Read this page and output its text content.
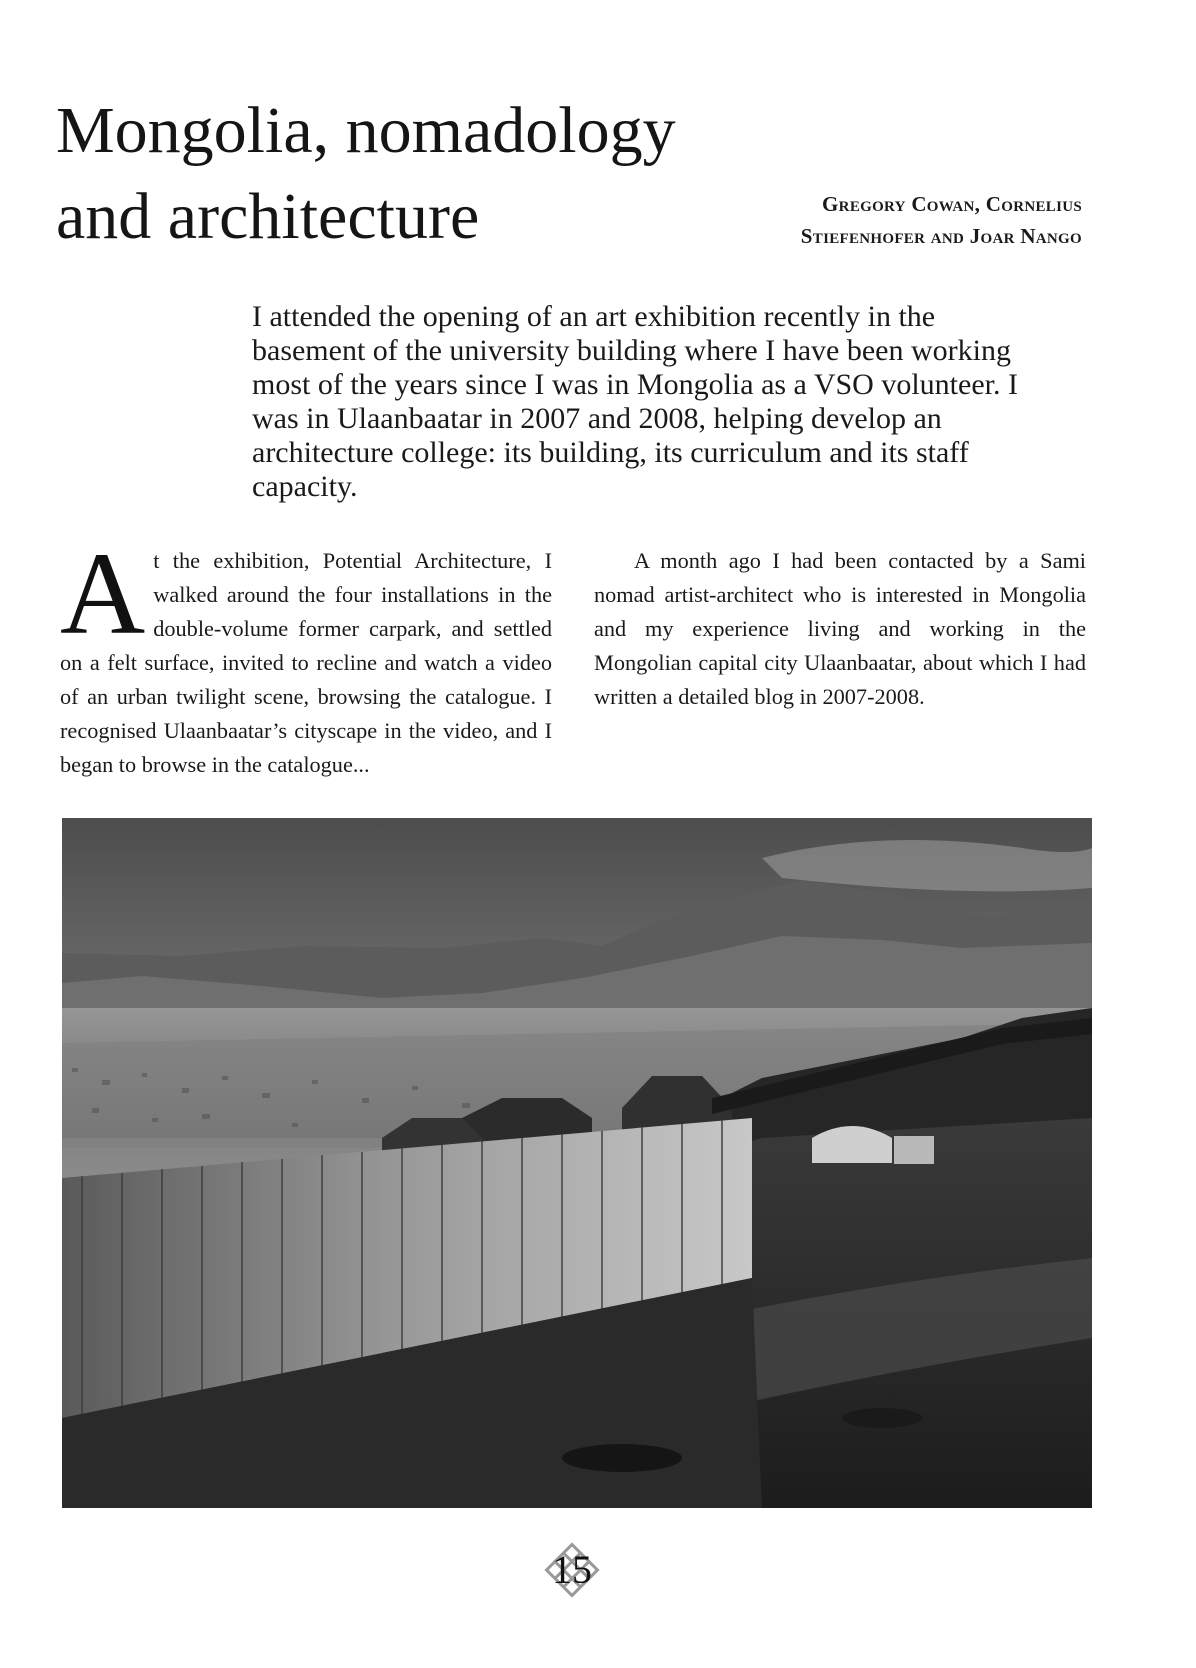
Mongolia, nomadology
and architecture	Gregory Cowan, Cornelius
Stiefenhofer and Joar Nango

I attended the opening of an art exhibition recently in the basement of the university building where I have been working most of the years since I was in Mongolia as a VSO volunteer. I was in Ulaanbaatar in 2007 and 2008, helping develop an architecture college: its building, its curriculum and its staff capacity.

At the exhibition, Potential Architecture, I walked around the four installations in the double-volume former carpark, and settled on a felt surface, invited to recline and watch a video of an urban twilight scene, browsing the catalogue. I recognised Ulaanbaatar’s cityscape in the video, and I began to browse in the catalogue...

A month ago I had been contacted by a Sami nomad artist-architect who is interested in Mongolia and my experience living and working in the Mongolian capital city Ulaanbaatar, about which I had written a detailed blog in 2007-2008.

15
